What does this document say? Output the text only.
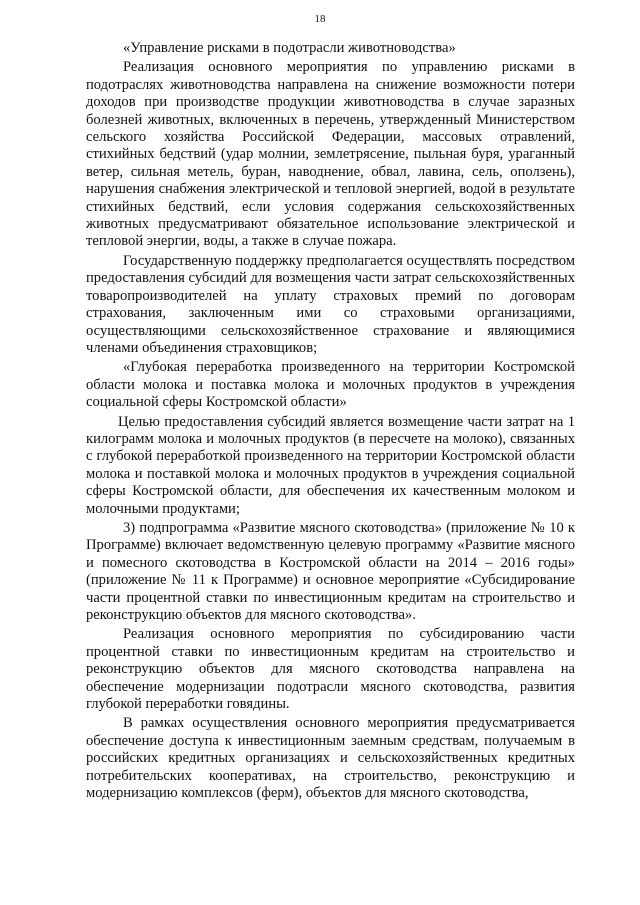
18

«Управление рисками в подотрасли животноводства»

Реализация основного мероприятия по управлению рисками в подотраслях животноводства направлена на снижение возможности потери доходов при производстве продукции животноводства в случае заразных болезней животных, включенных в перечень, утвержденный Министерством сельского хозяйства Российской Федерации, массовых отравлений, стихийных бедствий (удар молнии, землетрясение, пыльная буря, ураганный ветер, сильная метель, буран, наводнение, обвал, лавина, сель, оползень), нарушения снабжения электрической и тепловой энергией, водой в результате стихийных бедствий, если условия содержания сельскохозяйственных животных предусматривают обязательное использование электрической и тепловой энергии, воды, а также в случае пожара.

Государственную поддержку предполагается осуществлять посредством предоставления субсидий для возмещения части затрат сельскохозяйственных товаропроизводителей на уплату страховых премий по договорам страхования, заключенным ими со страховыми организациями, осуществляющими сельскохозяйственное страхование и являющимися членами объединения страховщиков;

«Глубокая переработка произведенного на территории Костромской области молока и поставка молока и молочных продуктов в учреждения социальной сферы Костромской области»

Целью предоставления субсидий является возмещение части затрат на 1 килограмм молока и молочных продуктов (в пересчете на молоко), связанных с глубокой переработкой произведенного на территории Костромской области молока и поставкой молока и молочных продуктов в учреждения социальной сферы Костромской области, для обеспечения их качественным молоком и молочными продуктами;

3) подпрограмма «Развитие мясного скотоводства» (приложение № 10 к Программе) включает ведомственную целевую программу «Развитие мясного и помесного скотоводства в Костромской области на 2014 – 2016 годы» (приложение № 11 к Программе) и основное мероприятие «Субсидирование части процентной ставки по инвестиционным кредитам на строительство и реконструкцию объектов для мясного скотоводства».

Реализация основного мероприятия по субсидированию части процентной ставки по инвестиционным кредитам на строительство и реконструкцию объектов для мясного скотоводства направлена на обеспечение модернизации подотрасли мясного скотоводства, развития глубокой переработки говядины.

В рамках осуществления основного мероприятия предусматривается обеспечение доступа к инвестиционным заемным средствам, получаемым в российских кредитных организациях и сельскохозяйственных кредитных потребительских кооперативах, на строительство, реконструкцию и модернизацию комплексов (ферм), объектов для мясного скотоводства,
